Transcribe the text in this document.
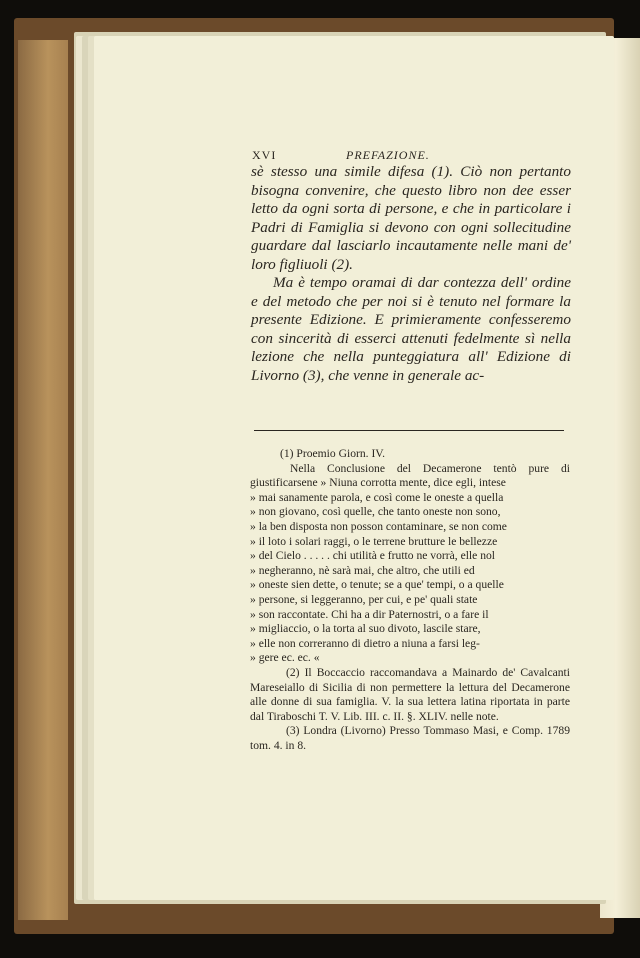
XVI	PREFAZIONE.

sè stesso una simile difesa (1). Ciò non pertanto bisogna convenire, che questo libro non dee esser letto da ogni sorta di persone, e che in particolare i Padri di Famiglia si devono con ogni sollecitudine guardare dal lasciarlo incautamente nelle mani de' loro figliuoli (2).

Ma è tempo oramai di dar contezza dell' ordine e del metodo che per noi si è tenuto nel formare la presente Edizione. E primieramente confesseremo con sincerità di esserci attenuti fedelmente sì nella lezione che nella punteggiatura all' Edizione di Livorno (3), che venne in generale ac-

(1) Proemio Giorn. IV.

Nella Conclusione del Decamerone tentò pure di giustificarsene » Niuna corrotta mente, dice egli, intese

» mai sanamente parola, e così come le oneste a quella

» non giovano, così quelle, che tanto oneste non sono,

» la ben disposta non posson contaminare, se non come

» il loto i solari raggi, o le terrene brutture le bellezze

» del Cielo . . . . . chi utilità e frutto ne vorrà, elle nol

» negheranno, nè sarà mai, che altro, che utili ed

» oneste sien dette, o tenute; se a que' tempi, o a quelle

» persone, si leggeranno, per cui, e pe' quali state

» son raccontate. Chi ha a dir Paternostri, o a fare il

» migliaccio, o la torta al suo divoto, lascile stare,

» elle non correranno di dietro a niuna a farsi leg-

» gere ec. ec. «

(2) Il Boccaccio raccomandava a Mainardo de' Cavalcanti Mareseiallo di Sicilia di non permettere la lettura del Decamerone alle donne di sua famiglia. V. la sua lettera latina riportata in parte dal Tiraboschi T. V. Lib. III. c. II. §. XLIV. nelle note.

(3) Londra (Livorno) Presso Tommaso Masi, e Comp. 1789 tom. 4. in 8.
